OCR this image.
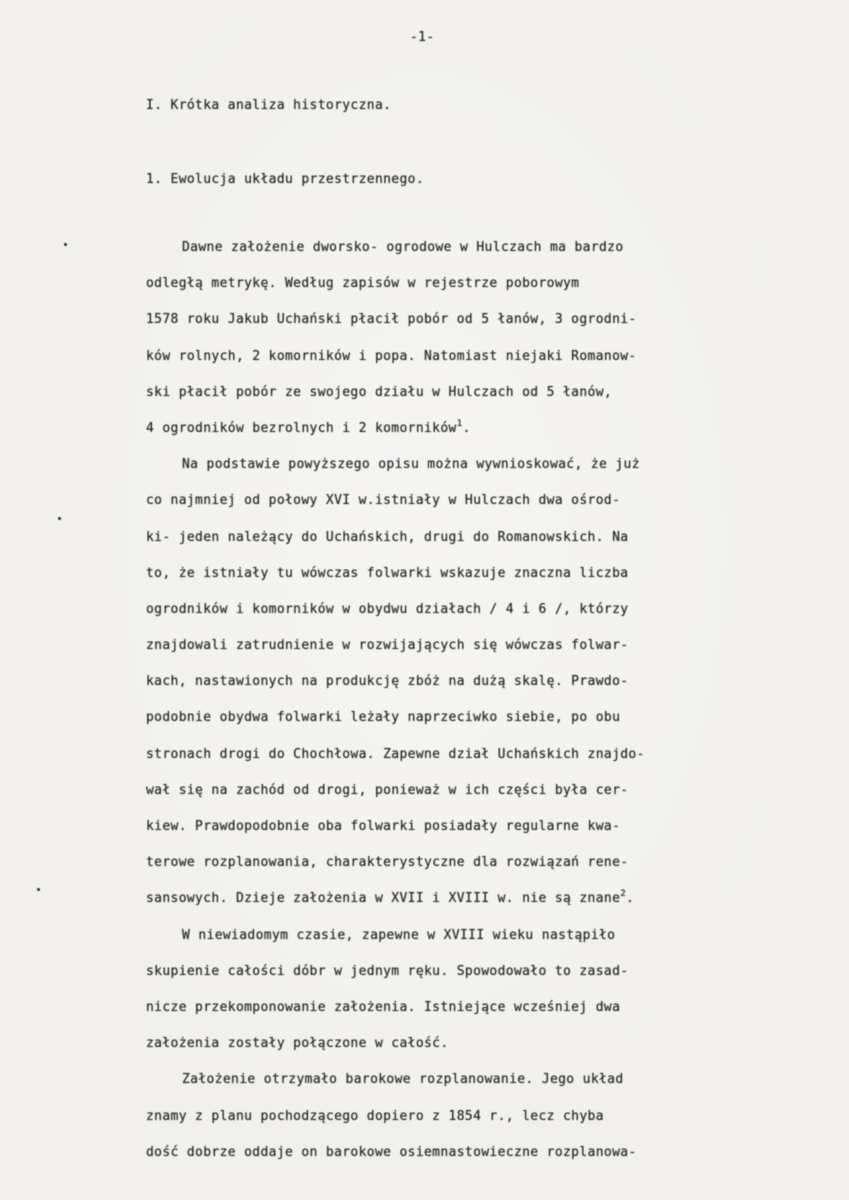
-1-
I. Krótka analiza historyczna.
1. Ewolucja układu przestrzennego.
Dawne założenie dworsko- ogrodowe w Hulczach ma bardzo
odległą metrykę. Według zapisów w rejestrze poborowym
1578 roku Jakub Uchański płacił pobór od 5 łanów, 3 ogrodni-
ków rolnych, 2 komorników i popa. Natomiast niejaki Romanow-
ski płacił pobór ze swojego działu w Hulczach od 5 łanów,
4 ogrodników bezrolnych i 2 komorników$^1$.
Na podstawie powyższego opisu można wywnioskować, że już
co najmniej od połowy XVI w.istniały w Hulczach dwa ośrod-
ki- jeden należący do Uchańskich, drugi do Romanowskich. Na
to, że istniały tu wówczas folwarki wskazuje znaczna liczba
ogrodników i komorników w obydwu działach / 4 i 6 /, którzy
znajdowali zatrudnienie w rozwijających się wówczas folwar-
kach, nastawionych na produkcję zbóż na dużą skalę. Prawdo-
podobnie obydwa folwarki leżały naprzeciwko siebie, po obu
stronach drogi do Chochłowa. Zapewne dział Uchańskich znajdo-
wał się na zachód od drogi, ponieważ w ich części była cer-
kiew. Prawdopodobnie oba folwarki posiadały regularne kwa-
terowe rozplanowania, charakterystyczne dla rozwiązań rene-
sansowych. Dzieje założenia w XVII i XVIII w. nie są znane$^2$.
W niewiadomym czasie, zapewne w XVIII wieku nastąpiło
skupienie całości dóbr w jednym ręku. Spowodowało to zasad-
nicze przekomponowanie założenia. Istniejące wcześniej dwa
założenia zostały połączone w całość.
Założenie otrzymało barokowe rozplanowanie. Jego układ
znamy z planu pochodzącego dopiero z 1854 r., lecz chyba
dość dobrze oddaje on barokowe osiemnastowieczne rozplanowa-
